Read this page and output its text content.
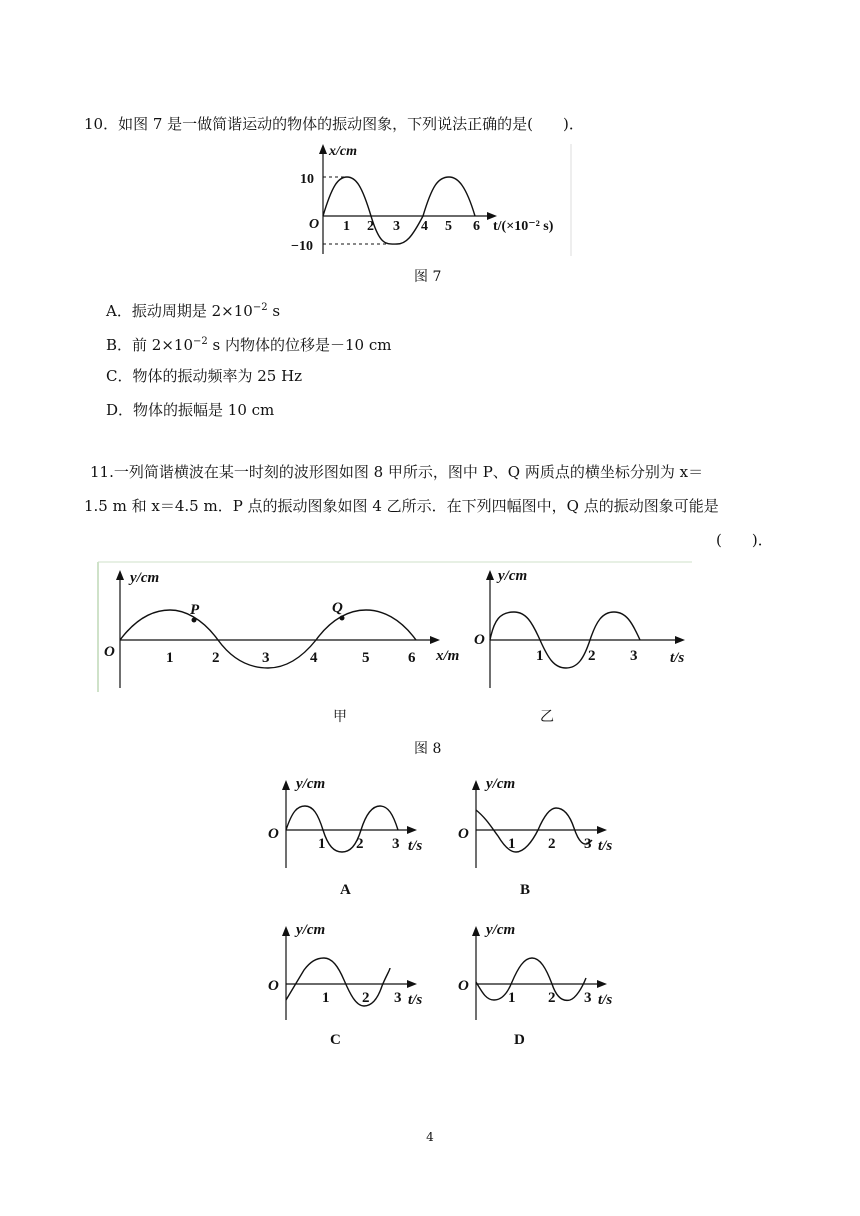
10．如图 7 是一做简谐运动的物体的振动图象，下列说法正确的是(　　)．
x/cm
10
−10
O 1 2 3 4 5 6 t/(×10⁻² s)
图 7
A．振动周期是 $2\times 10^{-2}$ s
B．前 $2\times 10^{-2}$ s 内物体的位移是－10 cm
C．物体的振动频率为 25 Hz
D．物体的振幅是 10 cm
11.一列简谐横波在某一时刻的波形图如图 8 甲所示，图中 P、Q 两质点的横坐标分别为 x＝
1.5 m 和 x＝4.5 m．P 点的振动图象如图 4 乙所示．在下列四幅图中，Q 点的振动图象可能是
(　　)．
y/cm
O
P	Q
1	2	3	4	5	6 x/m
y/cm
O
1	2 3 t/s
甲	乙
图 8
y/cm
O
1 2 3 t/s
A
y/cm
O
1 2 3 t/s
B
y/cm
O
1 2 3 t/s
C
y/cm
O
1 2 3 t/s
D
4
